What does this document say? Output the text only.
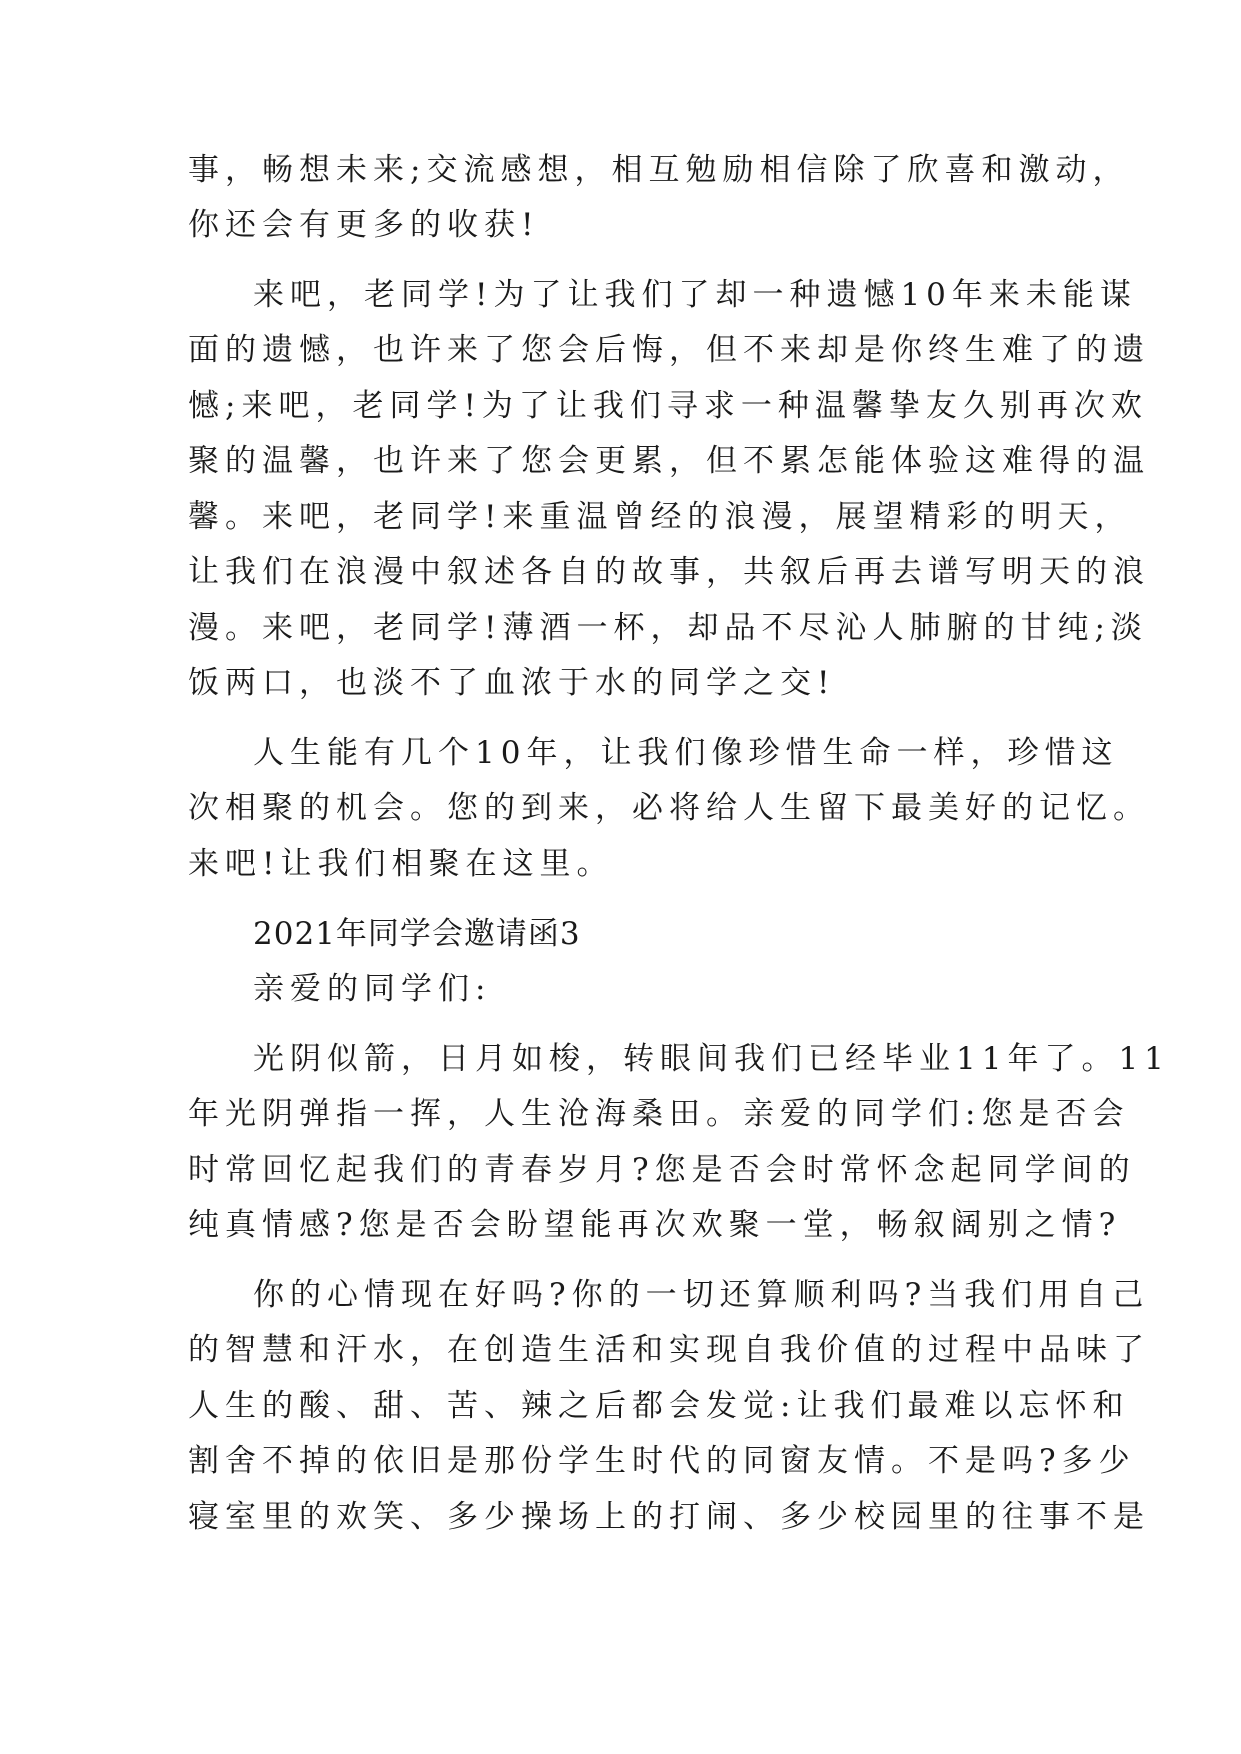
事，畅想未来;交流感想，相互勉励相信除了欣喜和激动，
你还会有更多的收获!
来吧，老同学!为了让我们了却一种遗憾10年来未能谋
面的遗憾，也许来了您会后悔，但不来却是你终生难了的遗
憾;来吧，老同学!为了让我们寻求一种温馨挚友久别再次欢
聚的温馨，也许来了您会更累，但不累怎能体验这难得的温
馨。来吧，老同学!来重温曾经的浪漫，展望精彩的明天，
让我们在浪漫中叙述各自的故事，共叙后再去谱写明天的浪
漫。来吧，老同学!薄酒一杯，却品不尽沁人肺腑的甘纯;淡
饭两口，也淡不了血浓于水的同学之交!
人生能有几个10年，让我们像珍惜生命一样，珍惜这
次相聚的机会。您的到来，必将给人生留下最美好的记忆。
来吧!让我们相聚在这里。
2021年同学会邀请函3
亲爱的同学们:
光阴似箭，日月如梭，转眼间我们已经毕业11年了。11
年光阴弹指一挥，人生沧海桑田。亲爱的同学们:您是否会
时常回忆起我们的青春岁月?您是否会时常怀念起同学间的
纯真情感?您是否会盼望能再次欢聚一堂，畅叙阔别之情?
你的心情现在好吗?你的一切还算顺利吗?当我们用自己
的智慧和汗水，在创造生活和实现自我价值的过程中品味了
人生的酸、甜、苦、辣之后都会发觉:让我们最难以忘怀和
割舍不掉的依旧是那份学生时代的同窗友情。不是吗?多少
寝室里的欢笑、多少操场上的打闹、多少校园里的往事不是
